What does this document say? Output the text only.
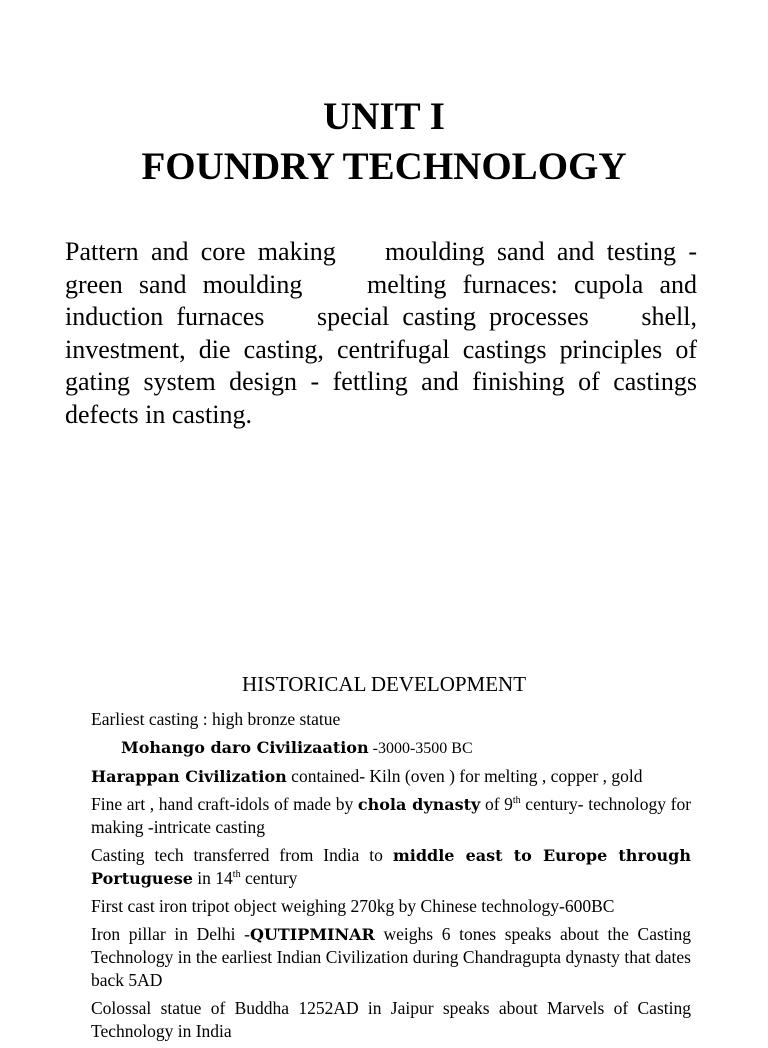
UNIT I
FOUNDRY TECHNOLOGY
Pattern and core making    moulding sand and testing - green sand moulding    melting furnaces: cupola and induction furnaces    special casting processes    shell, investment, die casting, centrifugal castings principles of gating system design - fettling and finishing of castings defects in casting.
HISTORICAL DEVELOPMENT

Earliest casting : high bronze statue

Mohango daro Civilizaation -3000-3500 BC

Harappan Civilization contained- Kiln (oven ) for melting , copper , gold

Fine art , hand craft-idols of made by chola dynasty of 9th century- technology for making -intricate casting

Casting tech transferred from India to middle east to Europe through Portuguese in 14th century

First cast iron tripot object weighing 270kg by Chinese technology-600BC

Iron pillar in Delhi -QUTIPMINAR weighs 6 tones speaks about the Casting Technology in the earliest Indian Civilization during Chandragupta dynasty that dates back 5AD

Colossal statue of Buddha 1252AD in Jaipur speaks about Marvels of Casting Technology in India
